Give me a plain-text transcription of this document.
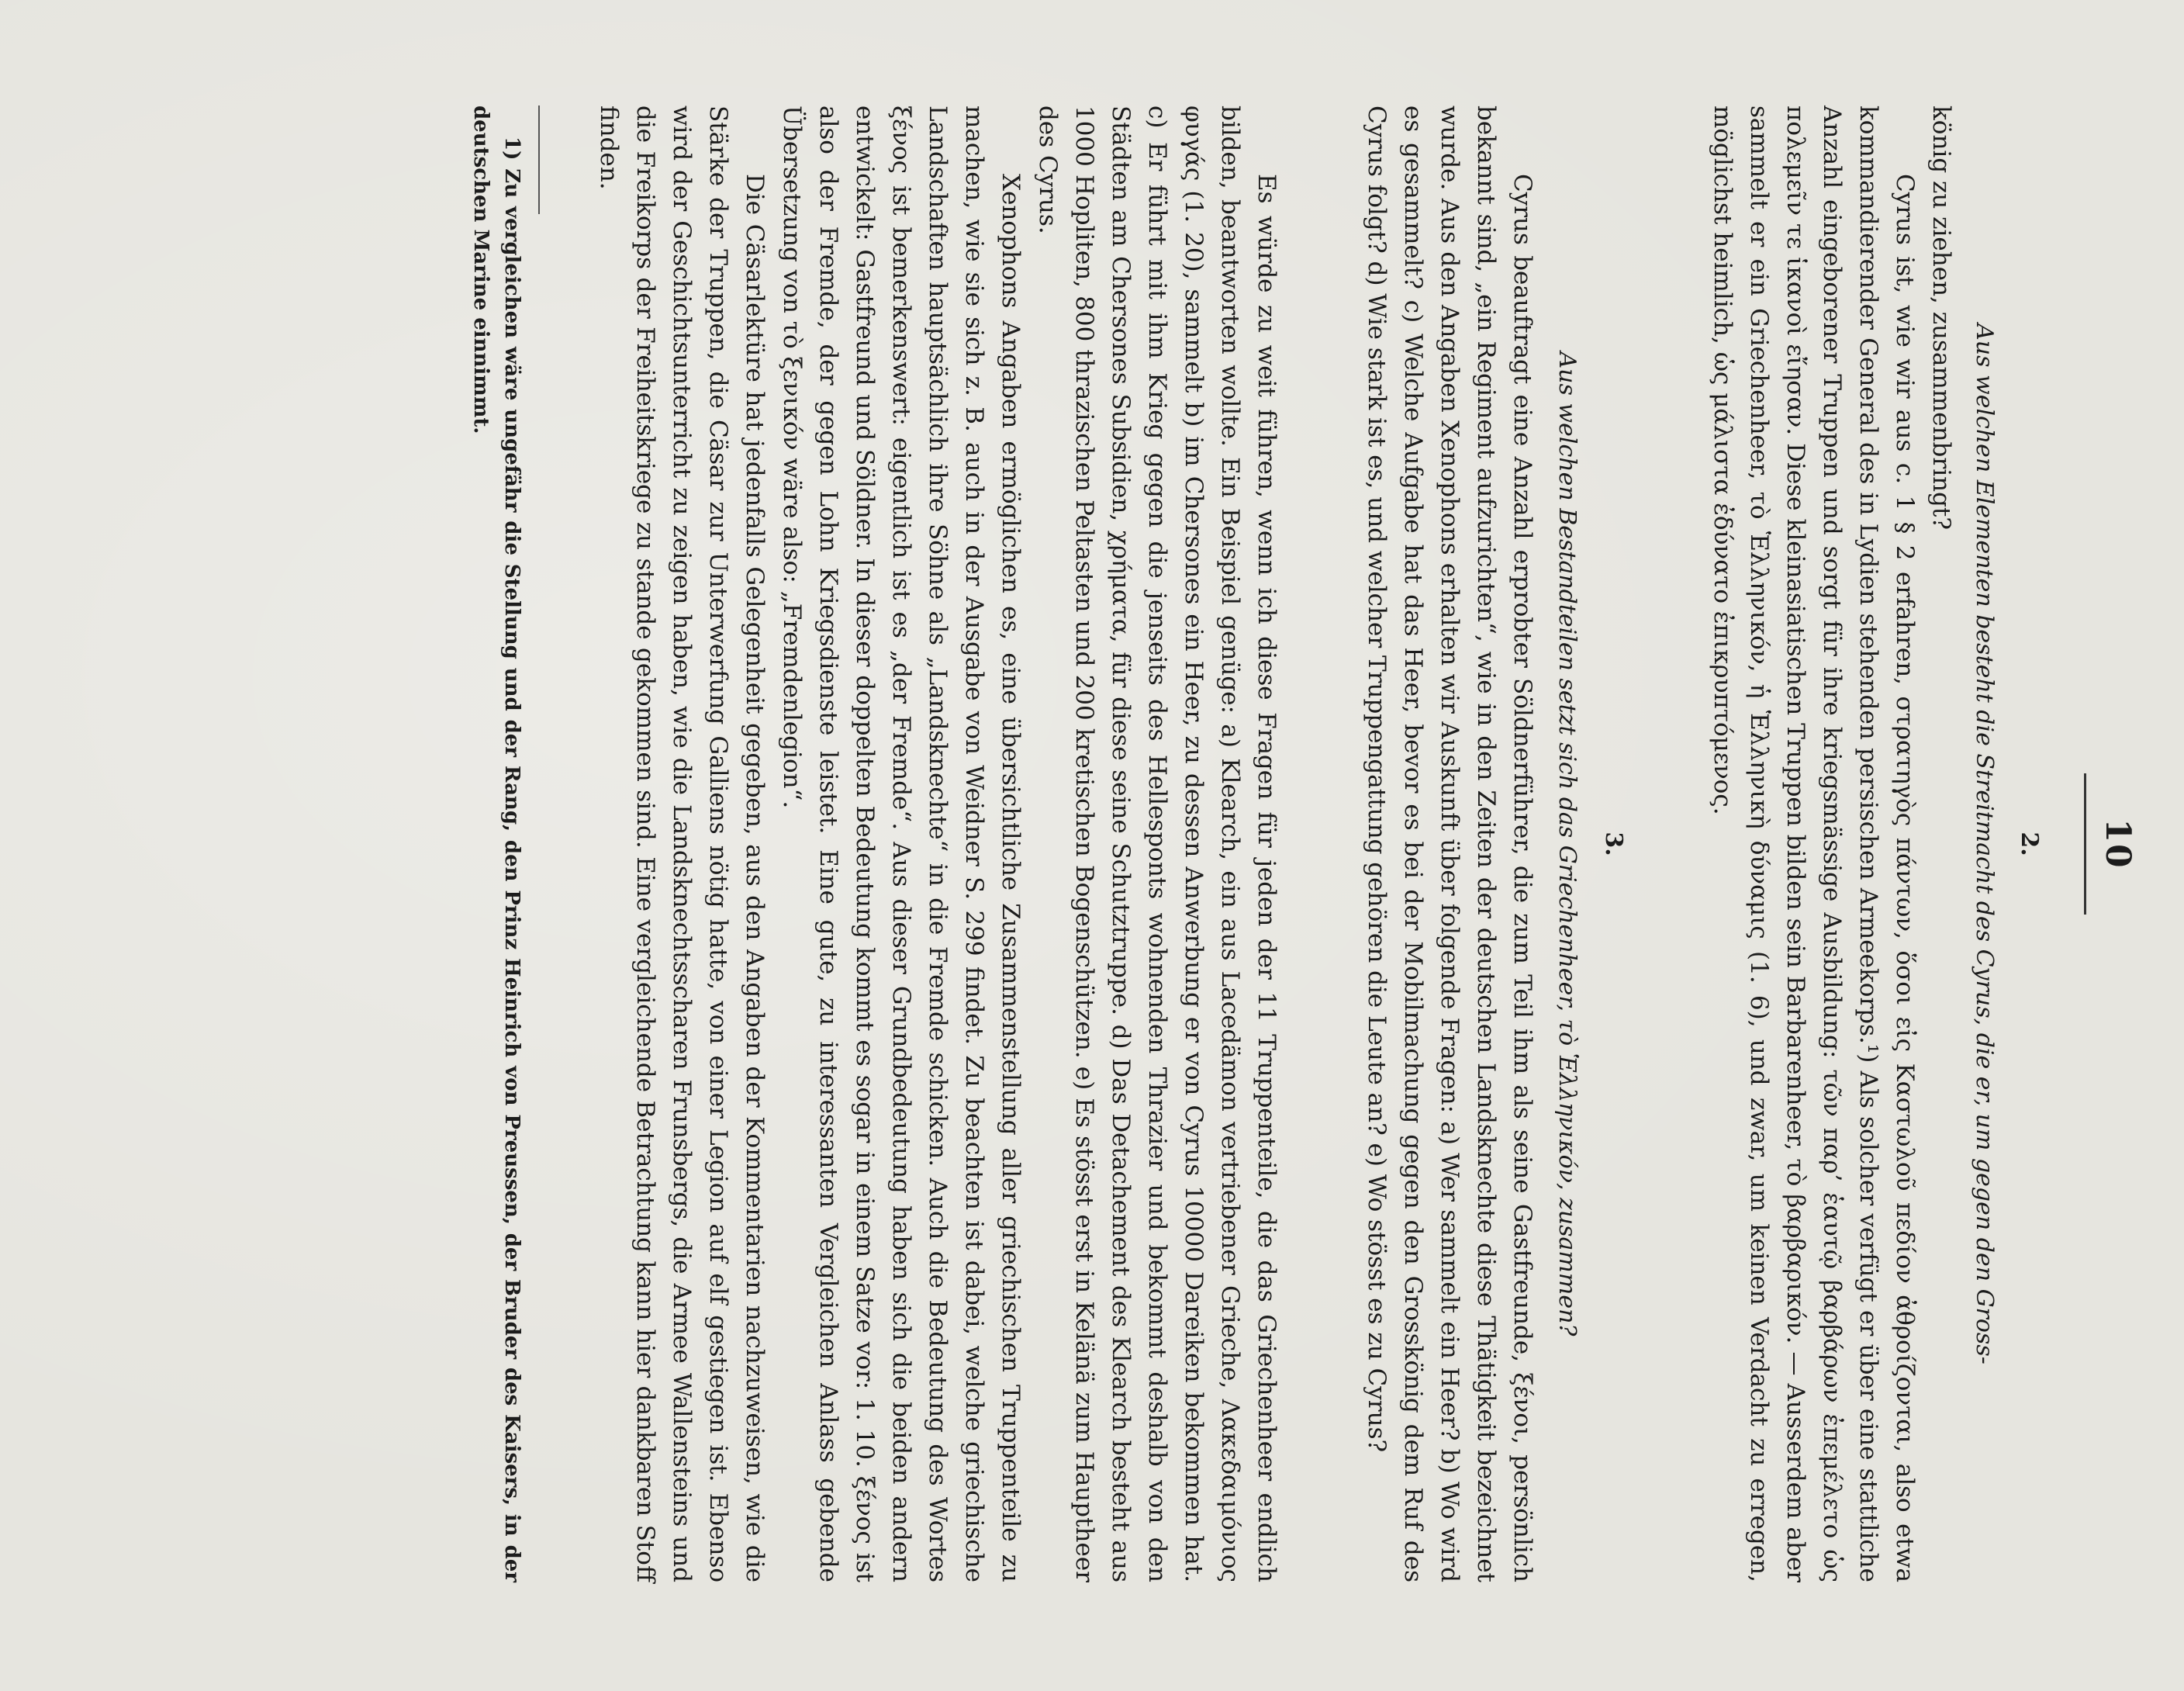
10
2.
Aus welchen Elementen besteht die Streitmacht des Cyrus, die er, um gegen den Gross-

könig zu ziehen, zusammenbringt?

Cyrus ist, wie wir aus c. 1 § 2 erfahren, στρατηγὸς πάντων, ὅσοι εἰς Καστωλοῦ πεδίον ἀθροίζονται, also etwa kommandierender General des in Lydien stehenden persischen Armeekorps.¹) Als solcher verfügt er über eine stattliche Anzahl eingeborener Truppen und sorgt für ihre kriegsmässige Ausbildung: τῶν παρ’ ἑαυτῷ βαρβάρων ἐπεμέλετο ὡς πολεμεῖν τε ἱκανοὶ εἴησαν. Diese kleinasiatischen Truppen bilden sein Barbarenheer, τὸ βαρβαρικόν. — Ausserdem aber sammelt er ein Griechenheer, τὸ Ἑλληνικόν, ἡ Ἑλληνικὴ δύναμις (1. 6), und zwar, um keinen Verdacht zu erregen, möglichst heimlich, ὡς μάλιστα ἐδύνατο ἐπικρυπτόμενος.

3.
Aus welchen Bestandteilen setzt sich das Griechenheer, τὸ Ἑλληνικόν, zusammen?

Cyrus beauftragt eine Anzahl erprobter Söldnerführer, die zum Teil ihm als seine Gastfreunde, ξένοι, persönlich bekannt sind, „ein Regiment aufzurichten“, wie in den Zeiten der deutschen Landsknechte diese Thätigkeit bezeichnet wurde. Aus den Angaben Xenophons erhalten wir Auskunft über folgende Fragen: a) Wer sammelt ein Heer? b) Wo wird es gesammelt? c) Welche Aufgabe hat das Heer, bevor es bei der Mobilmachung gegen den Grosskönig dem Ruf des Cyrus folgt? d) Wie stark ist es, und welcher Truppengattung gehören die Leute an? e) Wo stösst es zu Cyrus?

Es würde zu weit führen, wenn ich diese Fragen für jeden der 11 Truppenteile, die das Griechenheer endlich bilden, beantworten wollte. Ein Beispiel genüge: a) Klearch, ein aus Lacedämon vertriebener Grieche, Λακεδαιμόνιος φυγάς (1. 20), sammelt b) im Chersones ein Heer, zu dessen Anwerbung er von Cyrus 10000 Dareiken bekommen hat. c) Er führt mit ihm Krieg gegen die jenseits des Hellesponts wohnenden Thrazier und bekommt deshalb von den Städten am Chersones Subsidien, χρήματα, für diese seine Schutztruppe. d) Das Detachement des Klearch besteht aus 1000 Hopliten, 800 thrazischen Peltasten und 200 kretischen Bogenschützen. e) Es stösst erst in Kelänä zum Hauptheer des Cyrus.

Xenophons Angaben ermöglichen es, eine übersichtliche Zusammenstellung aller griechischen Truppenteile zu machen, wie sie sich z. B. auch in der Ausgabe von Weidner S. 299 findet. Zu beachten ist dabei, welche griechische Landschaften hauptsächlich ihre Söhne als „Landsknechte“ in die Fremde schicken. Auch die Bedeutung des Wortes ξένος ist bemerkenswert: eigentlich ist es „der Fremde“. Aus dieser Grundbedeutung haben sich die beiden andern entwickelt: Gastfreund und Söldner. In dieser doppelten Bedeutung kommt es sogar in einem Satze vor: 1. 10. ξένος ist also der Fremde, der gegen Lohn Kriegsdienste leistet. Eine gute, zu interessanten Vergleichen Anlass gebende Übersetzung von τὸ ξενικόν wäre also: „Fremdenlegion“.

Die Cäsarlektüre hat jedenfalls Gelegenheit gegeben, aus den Angaben der Kommentarien nachzuweisen, wie die Stärke der Truppen, die Cäsar zur Unterwerfung Galliens nötig hatte, von einer Legion auf elf gestiegen ist. Ebenso wird der Geschichtsunterricht zu zeigen haben, wie die Landsknechtsscharen Frunsbergs, die Armee Wallensteins und die Freikorps der Freiheitskriege zu stande gekommen sind. Eine vergleichende Betrachtung kann hier dankbaren Stoff finden.

1) Zu vergleichen wäre ungefähr die Stellung und der Rang, den Prinz Heinrich von Preussen, der Bruder des Kaisers, in der deutschen Marine einnimmt.
